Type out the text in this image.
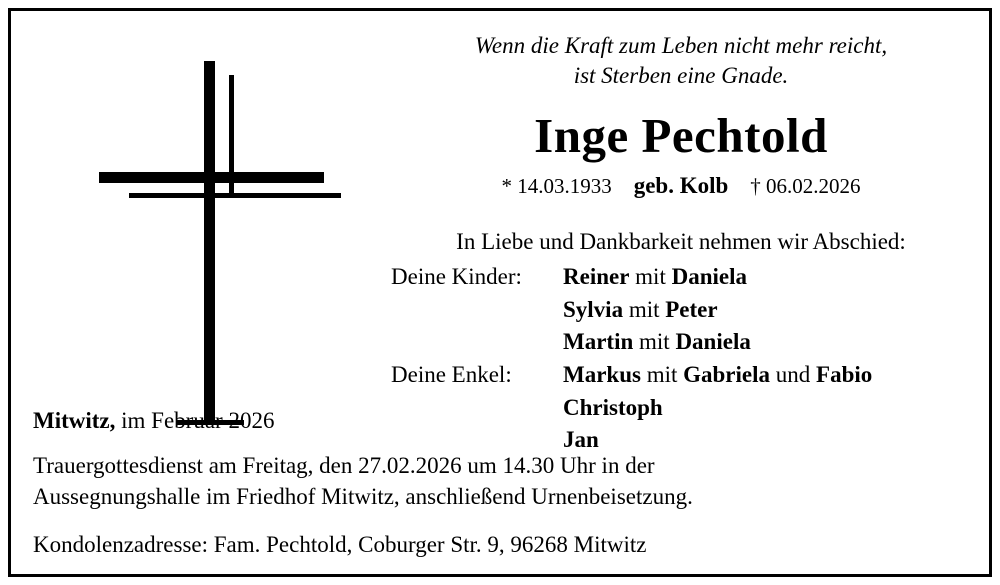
Wenn die Kraft zum Leben nicht mehr reicht,
ist Sterben eine Gnade.
Inge Pechtold
* 14.03.1933 geb. Kolb † 06.02.2026
In Liebe und Dankbarkeit nehmen wir Abschied:
Deine Kinder:	Reiner mit Daniela
Sylvia mit Peter
Martin mit Daniela
Deine Enkel:	Markus mit Gabriela und Fabio
Christoph
Jan
Mitwitz, im Februar 2026
Trauergottesdienst am Freitag, den 27.02.2026 um 14.30 Uhr in der
Aussegnungshalle im Friedhof Mitwitz, anschließend Urnenbeisetzung.
Kondolenzadresse: Fam. Pechtold, Coburger Str. 9, 96268 Mitwitz
